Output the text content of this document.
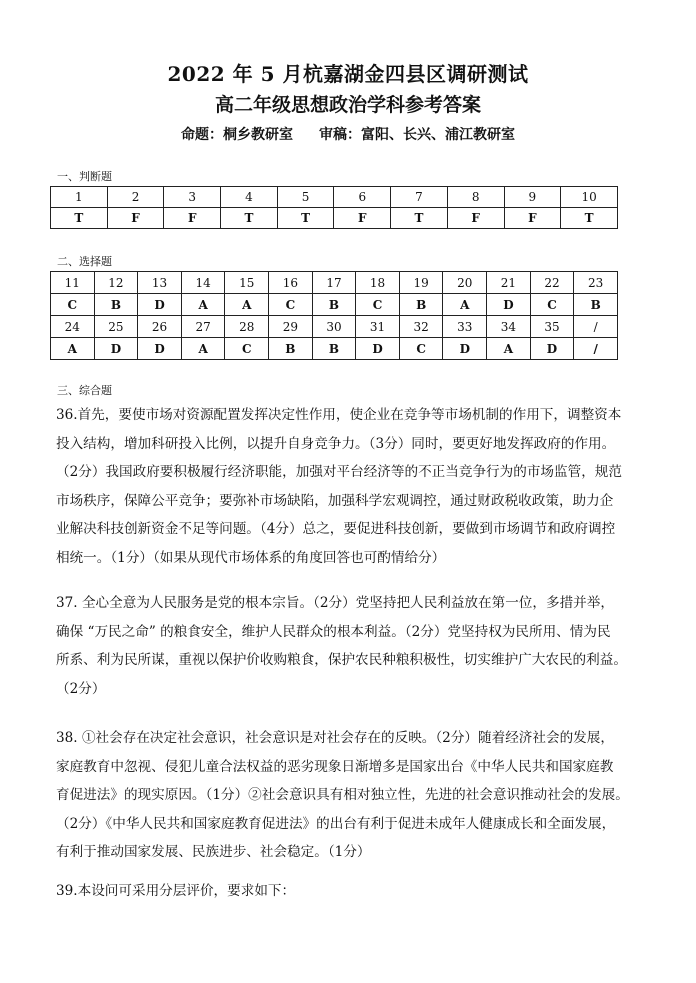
2022 年 5 月杭嘉湖金四县区调研测试
高二年级思想政治学科参考答案
命题：桐乡教研室 审稿：富阳、长兴、浦江教研室
一、判断题
1	2	3	4	5	6	7	8	9	10
T	F	F	T	T	F	T	F	F	T
二、选择题
11	12	13	14	15	16	17	18	19	20	21	22	23
C	B	D	A	A	C	B	C	B	A	D	C	B
24	25	26	27	28	29	30	31	32	33	34	35	/
A	D	D	A	C	B	B	D	C	D	A	D	/
三、综合题
36.首先，要使市场对资源配置发挥决定性作用，使企业在竞争等市场机制的作用下，调整资本
投入结构，增加科研投入比例，以提升自身竞争力。（3分）同时，要更好地发挥政府的作用。
（2分）我国政府要积极履行经济职能，加强对平台经济等的不正当竞争行为的市场监管，规范
市场秩序，保障公平竞争；要弥补市场缺陷，加强科学宏观调控，通过财政税收政策，助力企
业解决科技创新资金不足等问题。（4分）总之，要促进科技创新，要做到市场调节和政府调控
相统一。（1分）（如果从现代市场体系的角度回答也可酌情给分）
37. 全心全意为人民服务是党的根本宗旨。（2分）党坚持把人民利益放在第一位，多措并举，
确保 “万民之命” 的粮食安全，维护人民群众的根本利益。（2分）党坚持权为民所用、情为民
所系、利为民所谋，重视以保护价收购粮食，保护农民种粮积极性，切实维护广大农民的利益。
（2分）
38. ①社会存在决定社会意识，社会意识是对社会存在的反映。（2分）随着经济社会的发展，
家庭教育中忽视、侵犯儿童合法权益的恶劣现象日渐增多是国家出台《中华人民共和国家庭教
育促进法》的现实原因。（1分）②社会意识具有相对独立性，先进的社会意识推动社会的发展。
（2分）《中华人民共和国家庭教育促进法》的出台有利于促进未成年人健康成长和全面发展，
有利于推动国家发展、民族进步、社会稳定。（1分）
39.本设问可采用分层评价，要求如下：
